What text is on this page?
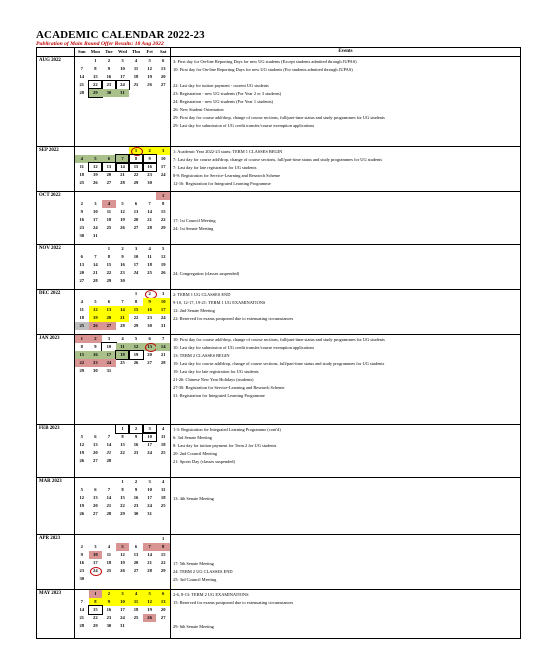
ACADEMIC CALENDAR 2022-23
Publication of Main Round Offer Results: 18 Aug 2022

Sun	Mon	Tue	Wed	Thu	Fri	Sat
		Events
AUG 2022	
		1	2	3	4	5	6
7	8	9	10	11	12	13
14	15	16	17	18	19	20
21	22	23	24	25	26	27
28	29	30	31			

3: First day for On-line Reporting Days for new UG students (Except students admitted through JUPAS)
10: First day for On-line Reporting Days for new UG students (For students admitted through JUPAS)
22: Last day for tuition payment - current UG students
23: Registration - new UG students (For Year 2 or 3 students)
24: Registration - new UG students (For Year 1 students)
26: New Student Orientation
29: First day for course add/drop, change of course sections, full/part-time status and study programmes for UG students
29: Last day for submission of UG credit transfer/course exemption applications

SEP 2022	
					1	2	3
4	5	6	7	8	9	10
11	12	13	14	15	16	17
18	19	20	21	22	23	24
25	26	27	28	29	30	

1: Academic Year 2022-23 starts; TERM 1 CLASSES BEGIN
7: Last day for course add/drop, change of course sections, full/part-time status and study programmes for UG students
7: Last day for late registration for UG students
8-9: Registration for Service-Learning and Research Scheme
12-16: Registration for Integrated Learning Programme

OCT 2022	
							1
2	3	4	5	6	7	8
9	10	11	12	13	14	15
16	17	18	19	20	21	22
23	24	25	26	27	28	29
30	31					

17: 1st Council Meeting
24: 1st Senate Meeting

NOV 2022	
			1	2	3	4	5
6	7	8	9	10	11	12
13	14	15	16	17	18	19
20	21	22	23	24	25	26
27	28	29	30			

24: Congregation (classes suspended)

DEC 2022	
					1	2	3
4	5	6	7	8	9	10
11	12	13	14	15	16	17
18	19	20	21	22	23	24
25	26	27	28	29	30	31

2: TERM 1 UG CLASSES END
9-10, 12-17, 19-21: TERM 1 UG EXAMINATIONS
12: 2nd Senate Meeting
22: Reserved for exams postponed due to extenuating circumstances

JAN 2023		1	2	3	4	5	6	7
8	9	10	11	12	13	14
15	16	17	18	19	20	21
22	23	24	25	26	27	28
29	30	31				

10: First day for course add/drop, change of course sections, full/part-time status and study programmes for UG students
10: Last day for submission of UG credit transfer/course exemption applications
13: TERM 2 CLASSES BEGIN
19: Last day for course add/drop, change of course sections, full/part-time status and study programmes for UG students
19: Last day for late registration for UG students
21-26: Chinese New Year Holidays (students)
27-30: Registration for Service-Learning and Research Scheme
31: Registration for Integrated Learning Programme

FEB 2023	
				1	2	3	4
5	6	7	8	9	10	11
12	13	14	15	16	17	18
19	20	21	22	23	24	25
26	27	28				

1-3: Registration for Integrated Learning Programme (cont'd)
6: 3rd Senate Meeting
8: Last day for tuition payment for Term 2 for UG students
20: 2nd Council Meeting
21: Sports Day (classes suspended)

MAR 2023	
				1	2	3	4
5	6	7	8	9	10	11
12	13	14	15	16	17	18
19	20	21	22	23	24	25
26	27	28	29	30	31	

13: 4th Senate Meeting

APR 2023	
							1
2	3	4	5	6	7	8
9	10	11	12	13	14	15
16	17	18	19	20	21	22
23	24	25	26	27	28	29
30						

17: 5th Senate Meeting
24: TERM 2 UG CLASSES END
25: 3rd Council Meeting

MAY 2023	
		1	2	3	4	5	6
7	8	9	10	11	12	13
14	15	16	17	18	19	20
21	22	23	24	25	26	27
28	29	30	31			

2-6, 8-13: TERM 2 UG EXAMINATIONS
15: Reserved for exams postponed due to extenuating circumstances
29: 6th Senate Meeting
